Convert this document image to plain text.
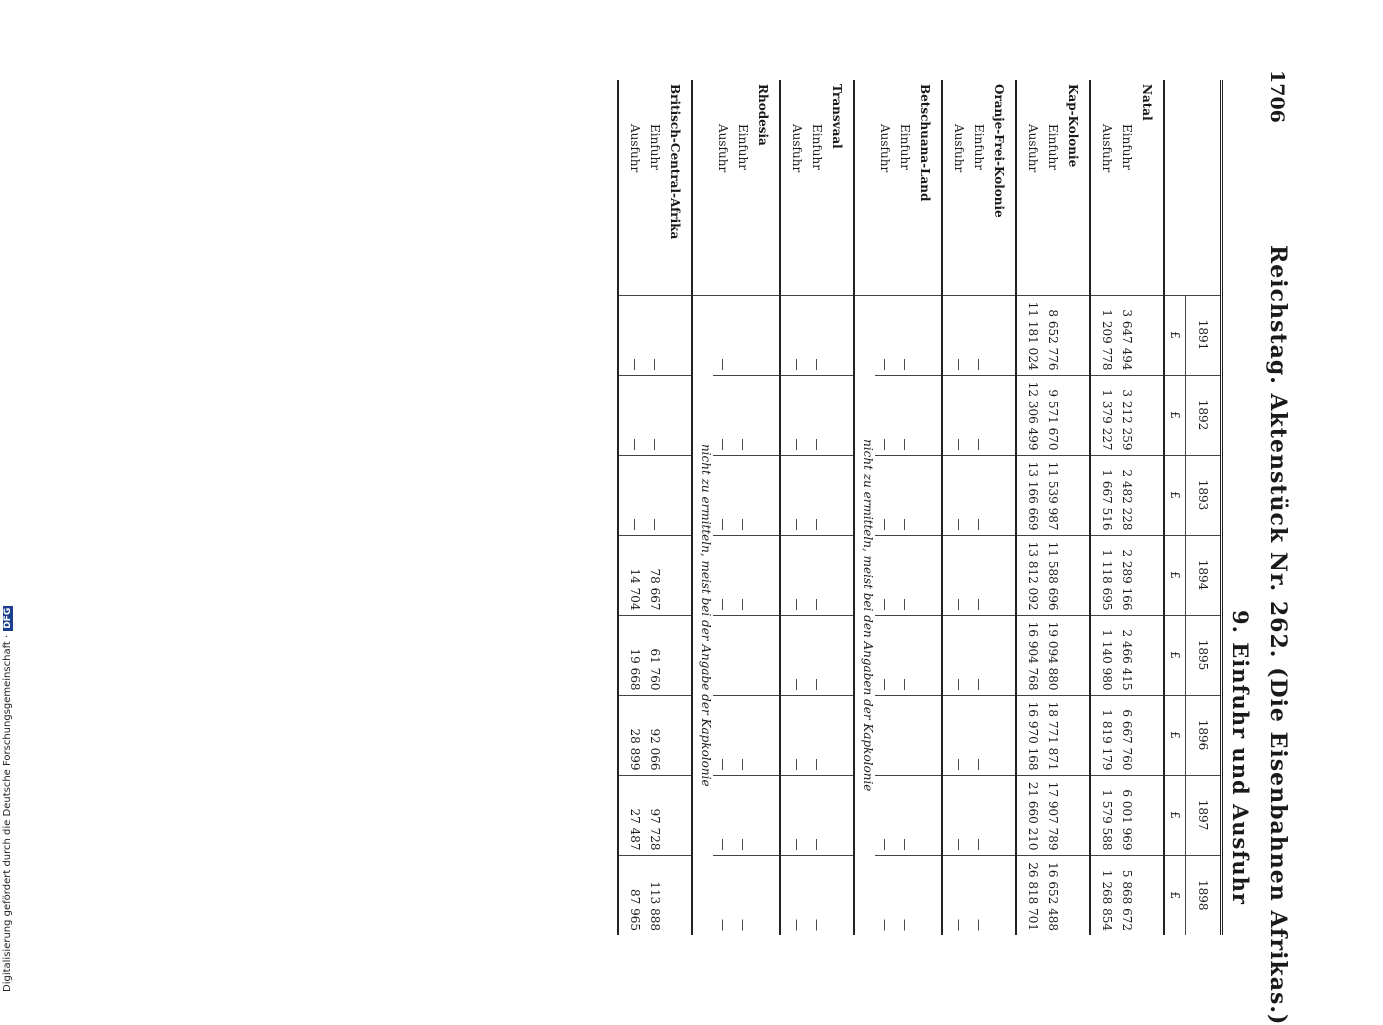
1706
Reichstag. Aktenstück Nr. 262. (Die Eisenbahnen Afrikas.)
9. Einfuhr und Ausfuhr
	1891	1892	1893	1894	1895	1896	1897	1898
	£	£	£	£	£	£	£	£
Natal								
Einfuhr	3 647 494	3 212 259	2 482 228	2 289 166	2 466 415	6 667 760	6 001 969	5 868 672
Ausfuhr	1 209 778	1 379 227	1 667 516	1 118 695	1 140 980	1 819 179	1 579 588	1 268 854
Kap-Kolonie								
Einfuhr	8 652 776	9 571 670	11 539 987	11 588 696	19 094 880	18 771 871	17 907 789	16 652 488
Ausfuhr	11 181 024	12 306 499	13 166 669	13 812 092	16 904 768	16 970 168	21 660 210	26 818 701
Oranje-Frei-Kolonie								
Einfuhr	—	—	—	—	—	—	—	—
Ausfuhr	—	—	—	—	—	—	—	—
Betschuana-Land								
Einfuhr	—	—	—	—	—		—	—
Ausfuhr	—	—	—	—	—		—	—
	nicht zu ermitteln, meist bei den Angaben der Kapkolonie							
Transvaal								
Einfuhr	—	—	—	—	—	—	—	—
Ausfuhr	—	—	—	—	—	—	—	—
Rhodesia								
Einfuhr		—	—	—		—	—	—
Ausfuhr	—	—	—	—		—	—	—
	nicht zu ermitteln, meist bei der Angabe der Kapkolonie							
Britisch-Central-Afrika								
Einfuhr	—	—	—	78 667	61 760	92 066	97 728	113 888
Ausfuhr	—	—	—	14 704	19 668	28 899	27 487	87 965
Digitalisierung gefördert durch die Deutsche Forschungsgemeinschaft ·DFG
